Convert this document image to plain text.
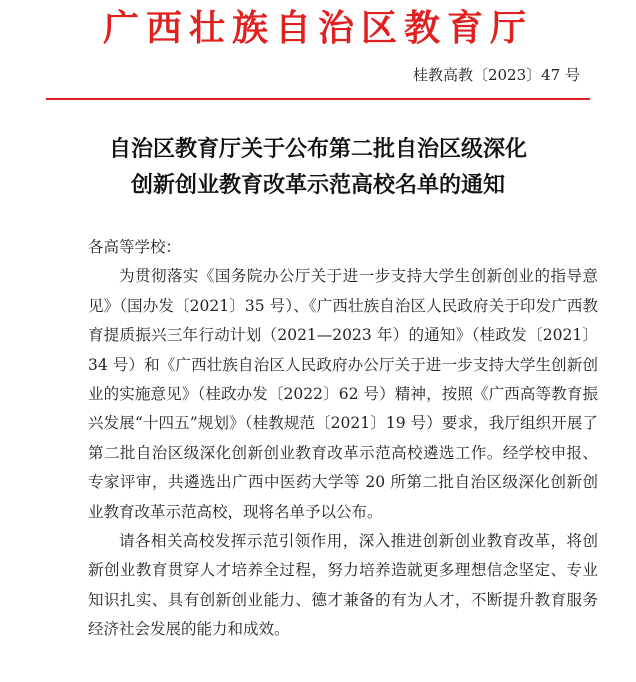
广西壮族自治区教育厅
桂教高教〔2023〕47 号
自治区教育厅关于公布第二批自治区级深化
创新创业教育改革示范高校名单的通知

各高等学校：

为贯彻落实《国务院办公厅关于进一步支持大学生创新创业的指导意见》（国办发〔2021〕35 号）、《广西壮族自治区人民政府关于印发广西教育提质振兴三年行动计划（2021—2023 年）的通知》（桂政发〔2021〕34 号）和《广西壮族自治区人民政府办公厅关于进一步支持大学生创新创业的实施意见》（桂政办发〔2022〕62 号）精神，按照《广西高等教育振兴发展“十四五”规划》（桂教规范〔2021〕19 号）要求，我厅组织开展了第二批自治区级深化创新创业教育改革示范高校遴选工作。经学校申报、专家评审，共遴选出广西中医药大学等 20 所第二批自治区级深化创新创业教育改革示范高校，现将名单予以公布。

请各相关高校发挥示范引领作用，深入推进创新创业教育改革，将创新创业教育贯穿人才培养全过程，努力培养造就更多理想信念坚定、专业知识扎实、具有创新创业能力、德才兼备的有为人才，不断提升教育服务经济社会发展的能力和成效。
